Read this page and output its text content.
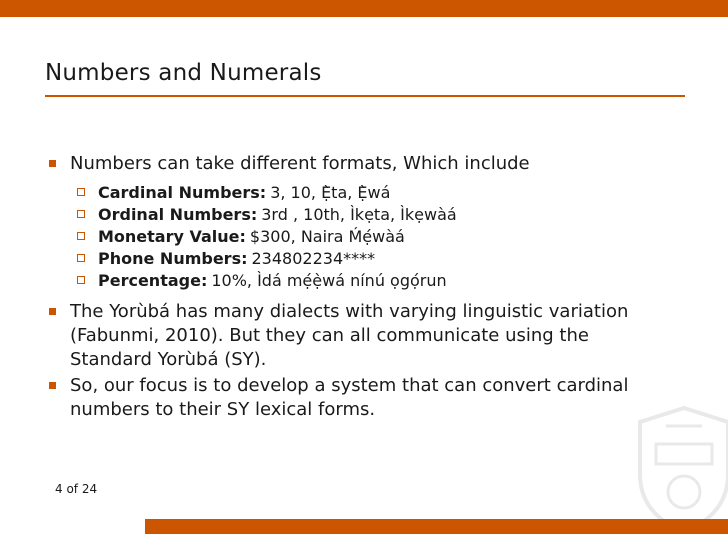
Numbers and Numerals
Numbers can take different formats, Which include
Cardinal Numbers: 3, 10, Ẹ̀ta, Ẹ̀wá
Ordinal Numbers: 3rd , 10th, Ìkẹta, Ìkẹwàá
Monetary Value: $300, Naira Ḿẹ́wàá
Phone Numbers: 234802234****
Percentage: 10%, Ìdá mẹ́ẹ̀wá nínú ọgọ́run
The Yorùbá has many dialects with varying linguistic variation
(Fabunmi, 2010). But they can all communicate using the
Standard Yorùbá (SY).
So, our focus is to develop a system that can convert cardinal
numbers to their SY lexical forms.
4 of 24
